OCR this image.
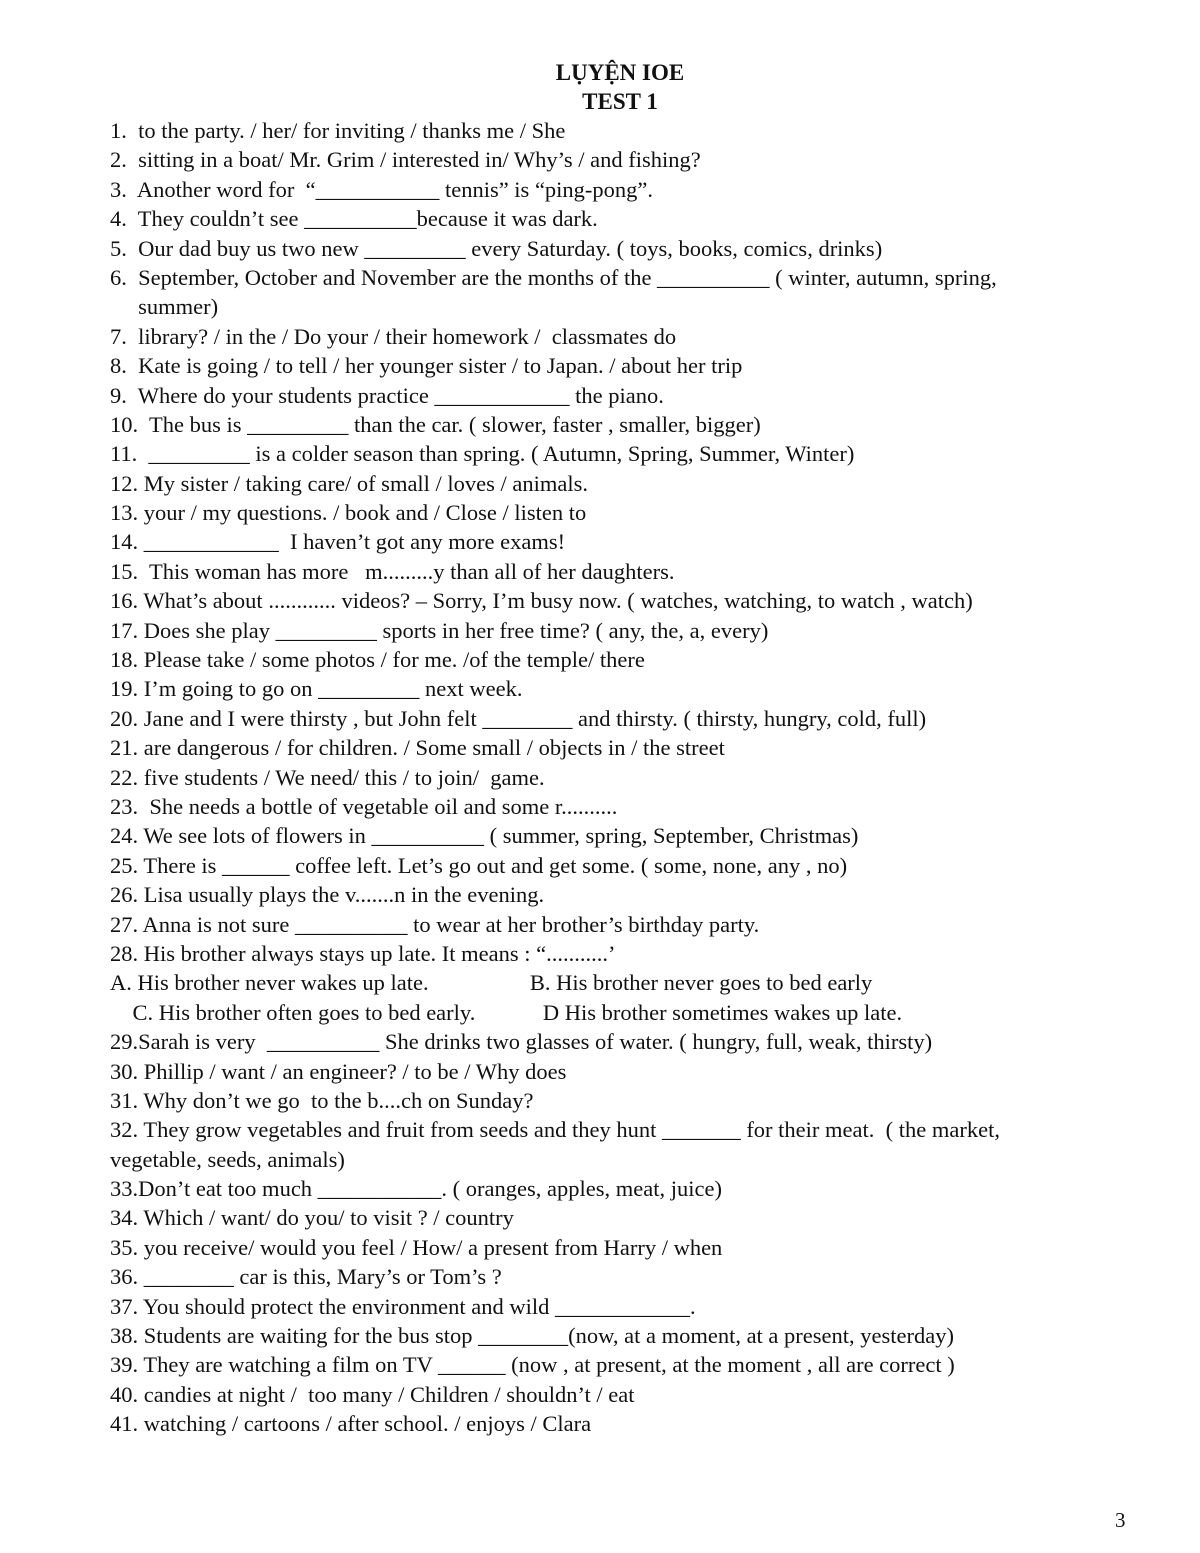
LỤYỆN IOE
TEST 1
1.  to the party. / her/ for inviting / thanks me / She
2.  sitting in a boat/ Mr. Grim / interested in/ Why’s / and fishing?
3.  Another word for  “___________ tennis” is “ping-pong”.
4.  They couldn’t see __________because it was dark.
5.  Our dad buy us two new _________ every Saturday. ( toys, books, comics, drinks)
6.  September, October and November are the months of the __________ ( winter, autumn, spring,
summer)
7.  library? / in the / Do your / their homework /  classmates do
8.  Kate is going / to tell / her younger sister / to Japan. / about her trip
9.  Where do your students practice ____________ the piano.
10.  The bus is _________ than the car. ( slower, faster , smaller, bigger)
11.  _________ is a colder season than spring. ( Autumn, Spring, Summer, Winter)
12. My sister / taking care/ of small / loves / animals.
13. your / my questions. / book and / Close / listen to
14. ____________  I haven’t got any more exams!
15.  This woman has more   m.........y than all of her daughters.
16. What’s about ............ videos? – Sorry, I’m busy now. ( watches, watching, to watch , watch)
17. Does she play _________ sports in her free time? ( any, the, a, every)
18. Please take / some photos / for me. /of the temple/ there
19. I’m going to go on _________ next week.
20. Jane and I were thirsty , but John felt ________ and thirsty. ( thirsty, hungry, cold, full)
21. are dangerous / for children. / Some small / objects in / the street
22. five students / We need/ this / to join/  game.
23.  She needs a bottle of vegetable oil and some r..........
24. We see lots of flowers in __________ ( summer, spring, September, Christmas)
25. There is ______ coffee left. Let’s go out and get some. ( some, none, any , no)
26. Lisa usually plays the v.......n in the evening.
27. Anna is not sure __________ to wear at her brother’s birthday party.
28. His brother always stays up late. It means : “...........’
A. His brother never wakes up late.                  B. His brother never goes to bed early
C. His brother often goes to bed early.            D His brother sometimes wakes up late.
29.Sarah is very  __________ She drinks two glasses of water. ( hungry, full, weak, thirsty)
30. Phillip / want / an engineer? / to be / Why does
31. Why don’t we go  to the b....ch on Sunday?
32. They grow vegetables and fruit from seeds and they hunt _______ for their meat.  ( the market,
vegetable, seeds, animals)
33.Don’t eat too much ___________. ( oranges, apples, meat, juice)
34. Which / want/ do you/ to visit ? / country
35. you receive/ would you feel / How/ a present from Harry / when
36. ________ car is this, Mary’s or Tom’s ?
37. You should protect the environment and wild ____________.
38. Students are waiting for the bus stop ________(now, at a moment, at a present, yesterday)
39. They are watching a film on TV ______ (now , at present, at the moment , all are correct )
40. candies at night /  too many / Children / shouldn’t / eat
41. watching / cartoons / after school. / enjoys / Clara
3
